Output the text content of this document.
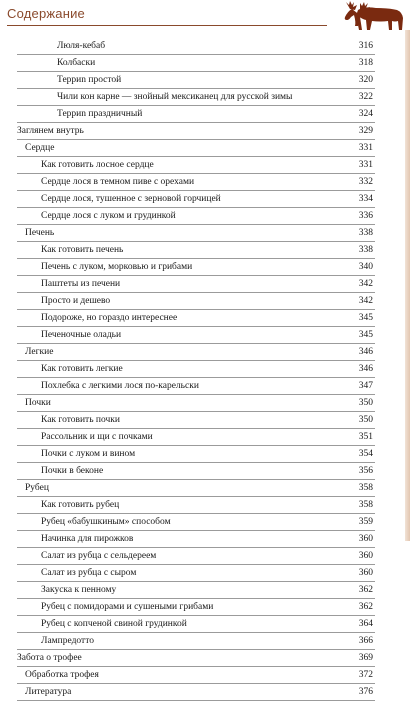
Содержание
Люля-кебаб	316
Колбаски	318
Терриn простой	320
Чили кон карне — знойный мексиканец для русской зимы	322
Терриn праздничный	324
Заглянем внутрь	329
Сердце	331
Как готовить лосное сердце	331
Сердце лося в темном пиве с орехами	332
Сердце лося, тушенное с зерновой горчицей	334
Сердце лося с луком и грудинкой	336
Печень	338
Как готовить печень	338
Печень с луком, морковью и грибами	340
Паштеты из печени	342
Просто и дешево	342
Подороже, но гораздо интереснее	345
Печеночные оладьи	345
Легкие	346
Как готовить легкие	346
Похлебка с легкими лося по-карельски	347
Почки	350
Как готовить почки	350
Рассольник и щи с почками	351
Почки с луком и вином	354
Почки в беконе	356
Рубец	358
Как готовить рубец	358
Рубец «бабушкиным» способом	359
Начинка для пирожков	360
Салат из рубца с сельдереем	360
Салат из рубца с сыром	360
Закуска к пенному	362
Рубец с помидорами и сушеными грибами	362
Рубец с копченой свиной грудинкой	364
Лампредотто	366
Забота о трофее	369
Обработка трофея	372
Литература	376
